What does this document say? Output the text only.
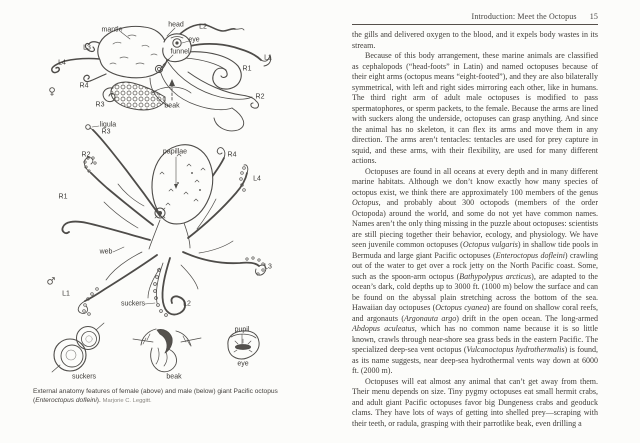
mantle
head L2
eye
funnel
L3
L1
L4
R1
R4
R2
R3	beak
ligula
R3
papillae
R2	R4
L4
R1
web
L3
L1
suckers	L2
pupil
eye
suckers	beak
♀
♂
External anatomy features of female (above) and male (below) giant Pacific octopus (Enteroctopus dofleini). Marjorie C. Leggitt.
Introduction: Meet the Octopus 15

the gills and delivered oxygen to the blood, and it expels body wastes in its stream.

Because of this body arrangement, these marine animals are classified as cephalopods (“head-foots” in Latin) and named octopuses because of their eight arms (octopus means “eight-footed”), and they are also bilaterally symmetrical, with left and right sides mirroring each other, like in humans. The third right arm of adult male octopuses is modified to pass spermatophores, or sperm packets, to the female. Because the arms are lined with suckers along the underside, octopuses can grasp anything. And since the animal has no skeleton, it can flex its arms and move them in any direction. The arms aren’t tentacles: tentacles are used for prey capture in squid, and these arms, with their flexibility, are used for many different actions.

Octopuses are found in all oceans at every depth and in many different marine habitats. Although we don’t know exactly how many species of octopus exist, we think there are approximately 100 members of the genus Octopus, and probably about 300 octopods (members of the order Octopoda) around the world, and some do not yet have common names. Names aren’t the only thing missing in the puzzle about octopuses: scientists are still piecing together their behavior, ecology, and physiology. We have seen juvenile common octopuses (Octopus vulgaris) in shallow tide pools in Bermuda and large giant Pacific octopuses (Enteroctopus dofleini) crawling out of the water to get over a rock jetty on the North Pacific coast. Some, such as the spoon-arm octopus (Bathypolypus arcticus), are adapted to the ocean’s dark, cold depths up to 3000 ft. (1000 m) below the surface and can be found on the abyssal plain stretching across the bottom of the sea. Hawaiian day octopuses (Octopus cyanea) are found on shallow coral reefs, and argonauts (Argonauta argo) drift in the open ocean. The long-armed Abdopus aculeatus, which has no common name because it is so little known, crawls through near-shore sea grass beds in the eastern Pacific. The specialized deep-sea vent octopus (Vulcanoctopus hydrothermalis) is found, as its name suggests, near deep-sea hydrothermal vents way down at 6000 ft. (2000 m).

Octopuses will eat almost any animal that can’t get away from them. Their menu depends on size. Tiny pygmy octopuses eat small hermit crabs, and adult giant Pacific octopuses favor big Dungeness crabs and geoduck clams. They have lots of ways of getting into shelled prey—scraping with their teeth, or radula, grasping with their parrotlike beak, even drilling a
